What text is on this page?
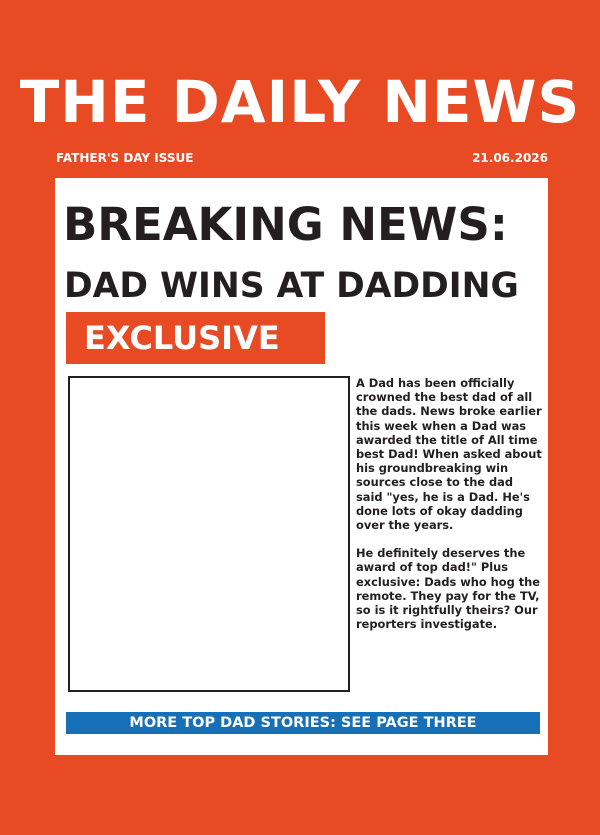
THE DAILY NEWS
FATHER'S DAY ISSUE	21.06.2026
BREAKING NEWS:
DAD WINS AT DADDING
EXCLUSIVE

A Dad has been officially crowned the best dad of all the dads. News broke earlier this week when a Dad was awarded the title of All time best Dad! When asked about his groundbreaking win sources close to the dad said "yes, he is a Dad. He's done lots of okay dadding over the years.

He definitely deserves the award of top dad!" Plus exclusive: Dads who hog the remote. They pay for the TV, so is it rightfully theirs? Our reporters investigate.

MORE TOP DAD STORIES: SEE PAGE THREE
